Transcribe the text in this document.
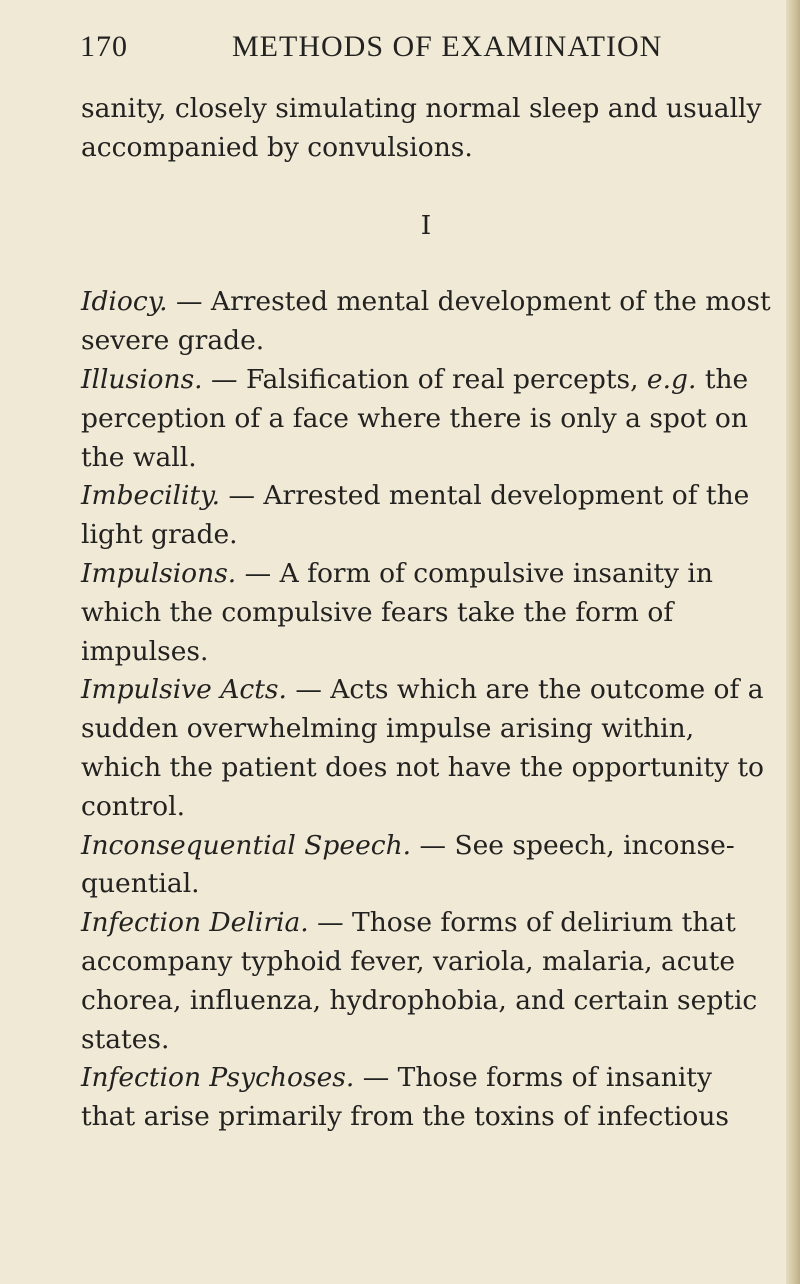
170	METHODS OF EXAMINATION

sanity, closely simulating normal sleep and usually accompanied by convulsions.

I

Idiocy. — Arrested mental development of the most severe grade.

Illusions. — Falsification of real percepts, e.g. the perception of a face where there is only a spot on the wall.

Imbecility. — Arrested mental development of the light grade.

Impulsions. — A form of compulsive insanity in which the compulsive fears take the form of impulses.

Impulsive Acts. — Acts which are the outcome of a sudden overwhelming impulse arising within, which the patient does not have the opportunity to control.

Inconsequential Speech. — See speech, inconsequential.

Infection Deliria. — Those forms of delirium that accompany typhoid fever, variola, malaria, acute chorea, influenza, hydrophobia, and certain septic states.

Infection Psychoses. — Those forms of insanity that arise primarily from the toxins of infectious
